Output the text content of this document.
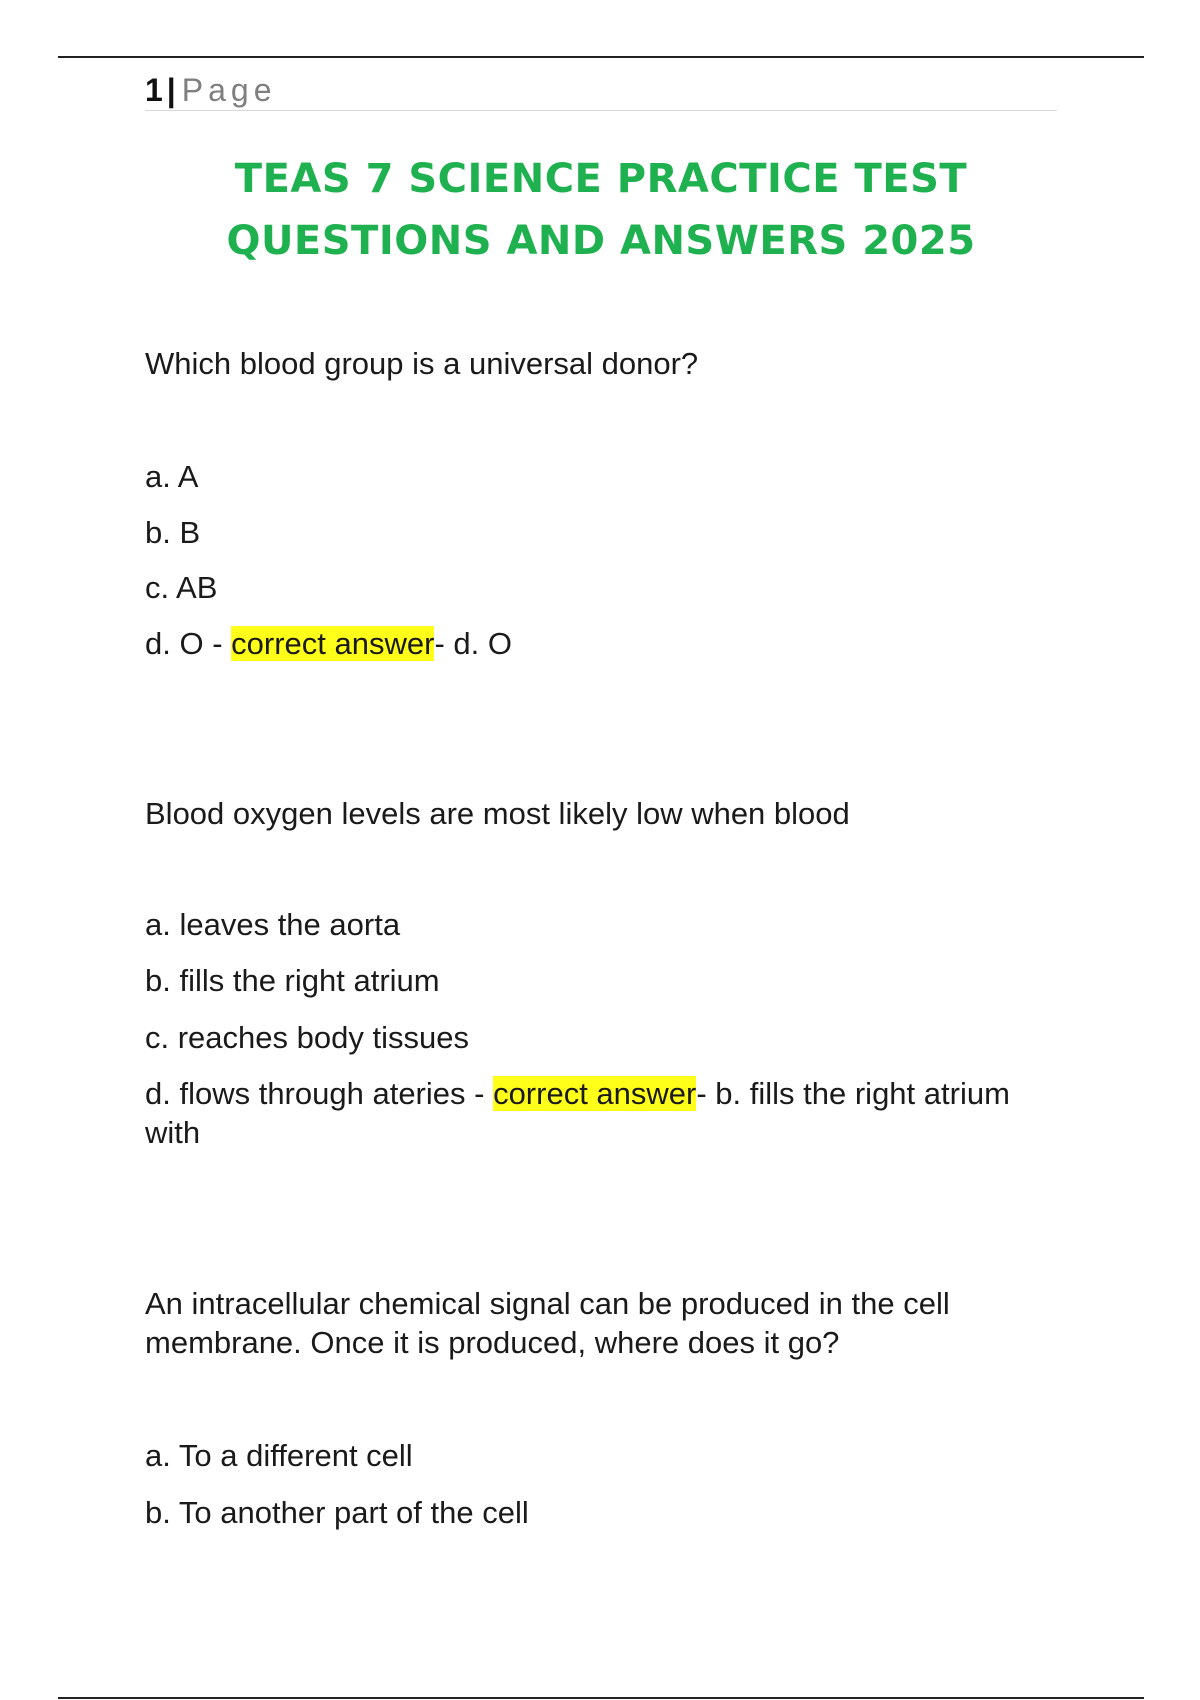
1 | Page
TEAS 7 SCIENCE PRACTICE TEST
QUESTIONS AND ANSWERS 2025
Which blood group is a universal donor?
a. A
b. B
c. AB
d. O - correct answer- d. O
Blood oxygen levels are most likely low when blood
a. leaves the aorta
b. fills the right atrium
c. reaches body tissues
d. flows through ateries - correct answer- b. fills the right atrium
with
An intracellular chemical signal can be produced in the cell
membrane. Once it is produced, where does it go?
a. To a different cell
b. To another part of the cell
